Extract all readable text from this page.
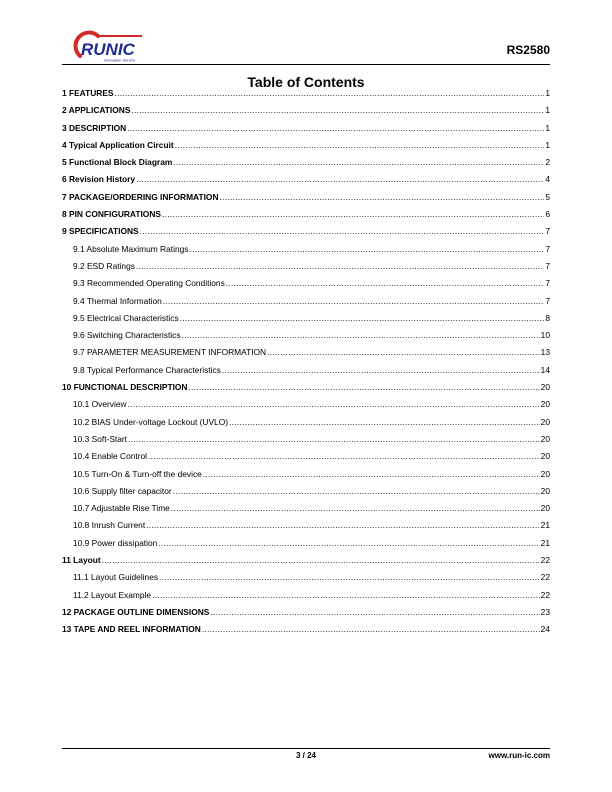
RUNIC
Innovation Service
RS2580
Table of Contents
1 FEATURES .....	1
2 APPLICATIONS .....	1
3 DESCRIPTION .....	1
4 Typical Application Circuit .....	1
5 Functional Block Diagram .....	2
6 Revision History .....	4
7 PACKAGE/ORDERING INFORMATION .....	5
8 PIN CONFIGURATIONS .....	6
9 SPECIFICATIONS .....	7
9.1 Absolute Maximum Ratings .....	7
9.2 ESD Ratings .....	7
9.3 Recommended Operating Conditions .....	7
9.4 Thermal Information .....	7
9.5 Electrical Characteristics .....	8
9.6 Switching Characteristics .....	10
9.7 PARAMETER MEASUREMENT INFORMATION .....	13
9.8 Typical Performance Characteristics .....	14
10 FUNCTIONAL DESCRIPTION .....	20
10.1 Overview .....	20
10.2 BIAS Under-voltage Lockout (UVLO) .....	20
10.3 Soft-Start .....	20
10.4 Enable Control .....	20
10.5 Turn-On & Turn-off the device .....	20
10.6 Supply filter capacitor .....	20
10.7 Adjustable Rise Time .....	20
10.8 Inrush Current .....	21
10.9 Power dissipation .....	21
11 Layout .....	22
11.1 Layout Guidelines .....	22
11.2 Layout Example .....	22
12 PACKAGE OUTLINE DIMENSIONS .....	23
13 TAPE AND REEL INFORMATION .....	24
3 / 24	www.run-ic.com
